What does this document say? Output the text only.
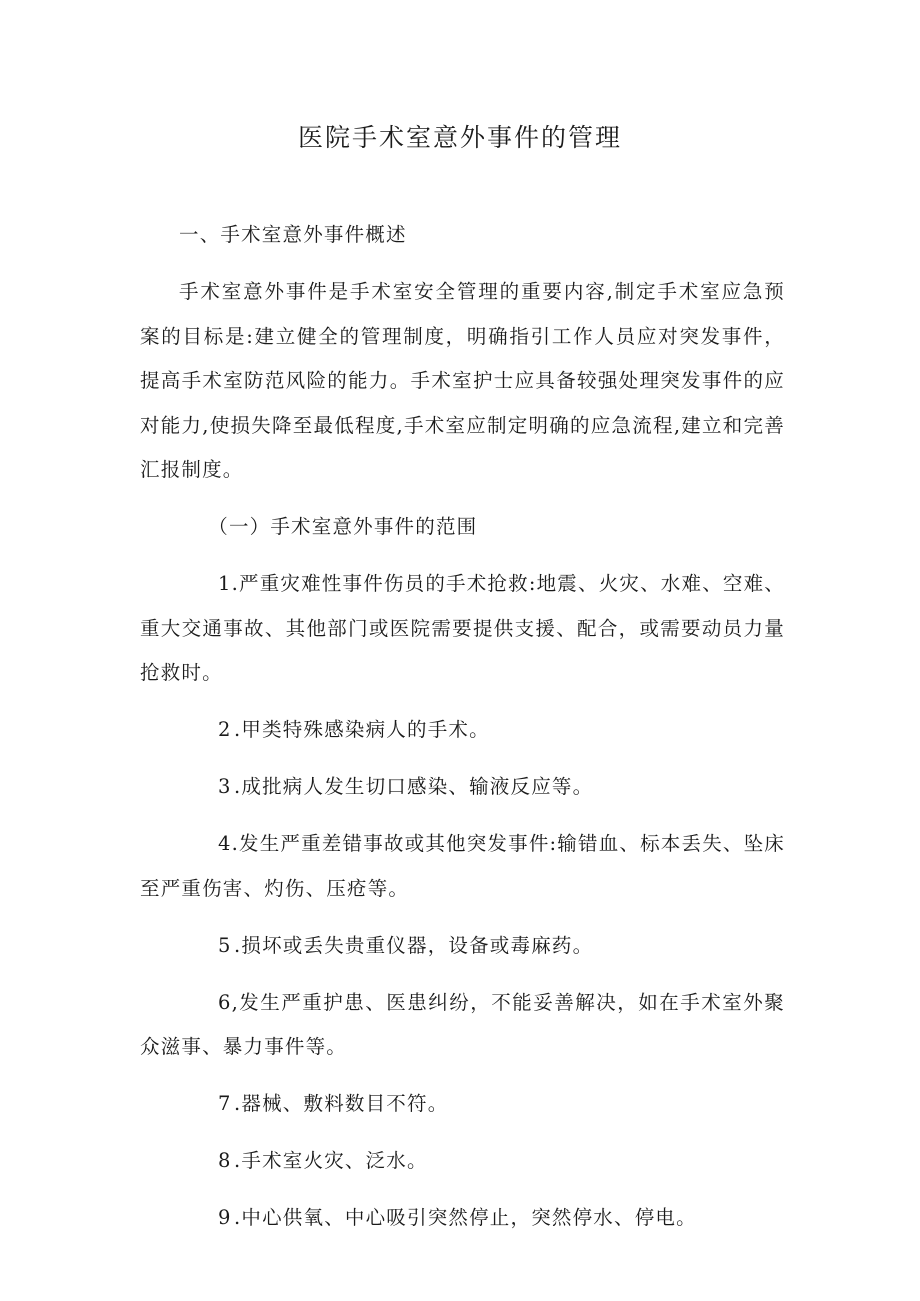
医院手术室意外事件的管理

一、手术室意外事件概述

手术室意外事件是手术室安全管理的重要内容,制定手术室应急预案的目标是:建立健全的管理制度，明确指引工作人员应对突发事件，提高手术室防范风险的能力。手术室护士应具备较强处理突发事件的应对能力,使损失降至最低程度,手术室应制定明确的应急流程,建立和完善汇报制度。

（一）手术室意外事件的范围

1.严重灾难性事件伤员的手术抢救:地震、火灾、水难、空难、重大交通事故、其他部门或医院需要提供支援、配合，或需要动员力量抢救时。

2 .甲类特殊感染病人的手术。

3 .成批病人发生切口感染、输液反应等。

4.发生严重差错事故或其他突发事件:输错血、标本丢失、坠床至严重伤害、灼伤、压疮等。

5 .损坏或丢失贵重仪器，设备或毒麻药。

6,发生严重护患、医患纠纷，不能妥善解决，如在手术室外聚众滋事、暴力事件等。

7 .器械、敷料数目不符。

8 .手术室火灾、泛水。

9 .中心供氧、中心吸引突然停止，突然停水、停电。
